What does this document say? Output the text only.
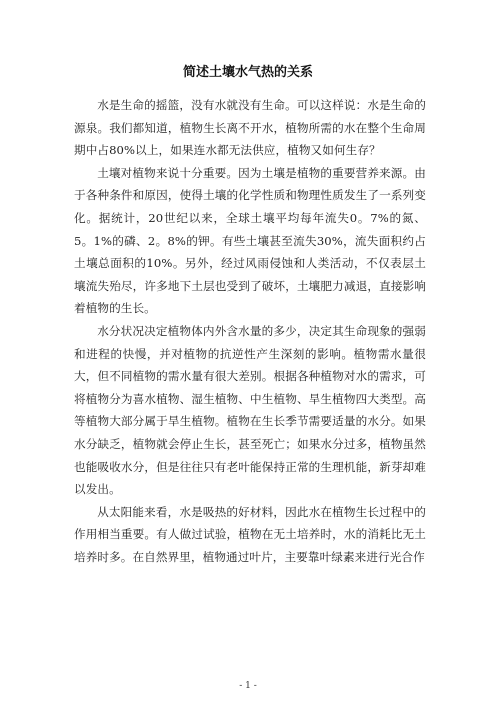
简述土壤水气热的关系

水是生命的摇篮，没有水就没有生命。可以这样说：水是生命的源泉。我们都知道，植物生长离不开水，植物所需的水在整个生命周期中占80%以上，如果连水都无法供应，植物又如何生存？

土壤对植物来说十分重要。因为土壤是植物的重要营养来源。由于各种条件和原因，使得土壤的化学性质和物理性质发生了一系列变化。据统计，20世纪以来，全球土壤平均每年流失0。7%的氮、5。1%的磷、2。8%的钾。有些土壤甚至流失30%，流失面积约占土壤总面积的10%。另外，经过风雨侵蚀和人类活动，不仅表层土壤流失殆尽，许多地下土层也受到了破坏，土壤肥力减退，直接影响着植物的生长。

水分状况决定植物体内外含水量的多少，决定其生命现象的强弱和进程的快慢，并对植物的抗逆性产生深刻的影响。植物需水量很大，但不同植物的需水量有很大差别。根据各种植物对水的需求，可将植物分为喜水植物、湿生植物、中生植物、旱生植物四大类型。高等植物大部分属于旱生植物。植物在生长季节需要适量的水分。如果水分缺乏，植物就会停止生长，甚至死亡；如果水分过多，植物虽然也能吸收水分，但是往往只有老叶能保持正常的生理机能，新芽却难以发出。

从太阳能来看，水是吸热的好材料，因此水在植物生长过程中的作用相当重要。有人做过试验，植物在无土培养时，水的消耗比无土培养时多。在自然界里，植物通过叶片，主要靠叶绿素来进行光合作

- 1 -
